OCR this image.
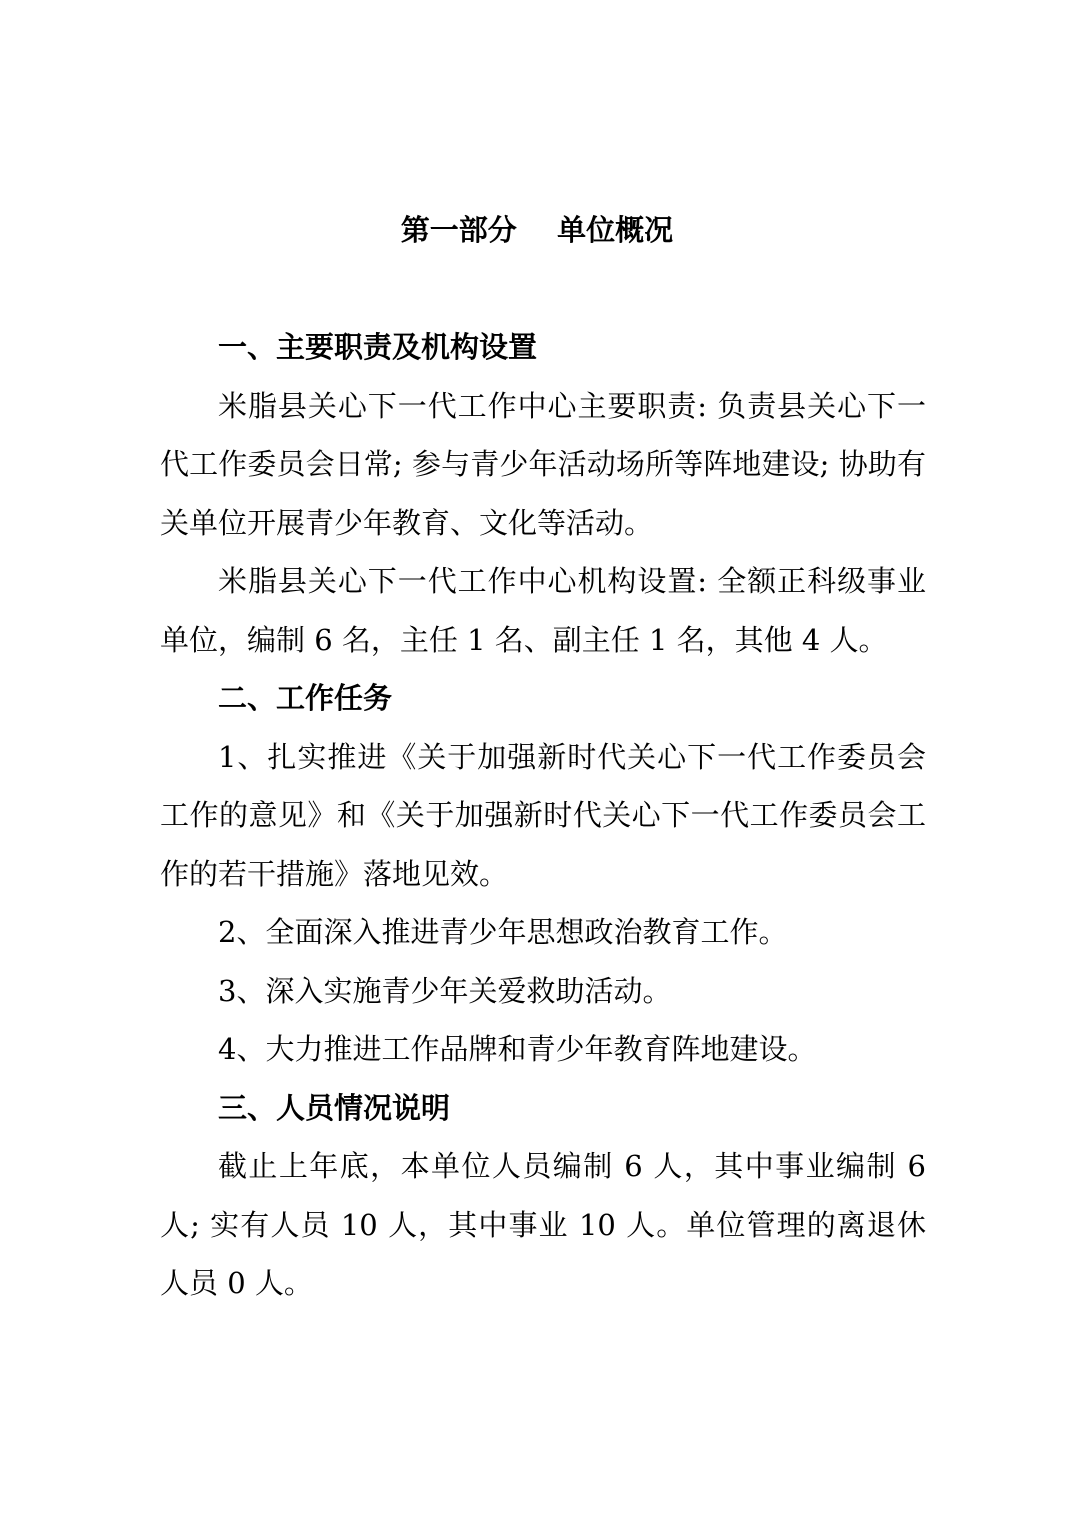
第一部分    单位概况

一、主要职责及机构设置

米脂县关心下一代工作中心主要职责: 负责县关心下一代工作委员会日常; 参与青少年活动场所等阵地建设; 协助有关单位开展青少年教育、文化等活动。

米脂县关心下一代工作中心机构设置: 全额正科级事业单位，编制 6 名，主任 1 名、副主任 1 名，其他 4 人。

二、工作任务

1、扎实推进《关于加强新时代关心下一代工作委员会工作的意见》和《关于加强新时代关心下一代工作委员会工作的若干措施》落地见效。

2、全面深入推进青少年思想政治教育工作。

3、深入实施青少年关爱救助活动。

4、大力推进工作品牌和青少年教育阵地建设。

三、人员情况说明

截止上年底，本单位人员编制 6 人，其中事业编制 6 人; 实有人员 10 人，其中事业 10 人。单位管理的离退休人员 0 人。
